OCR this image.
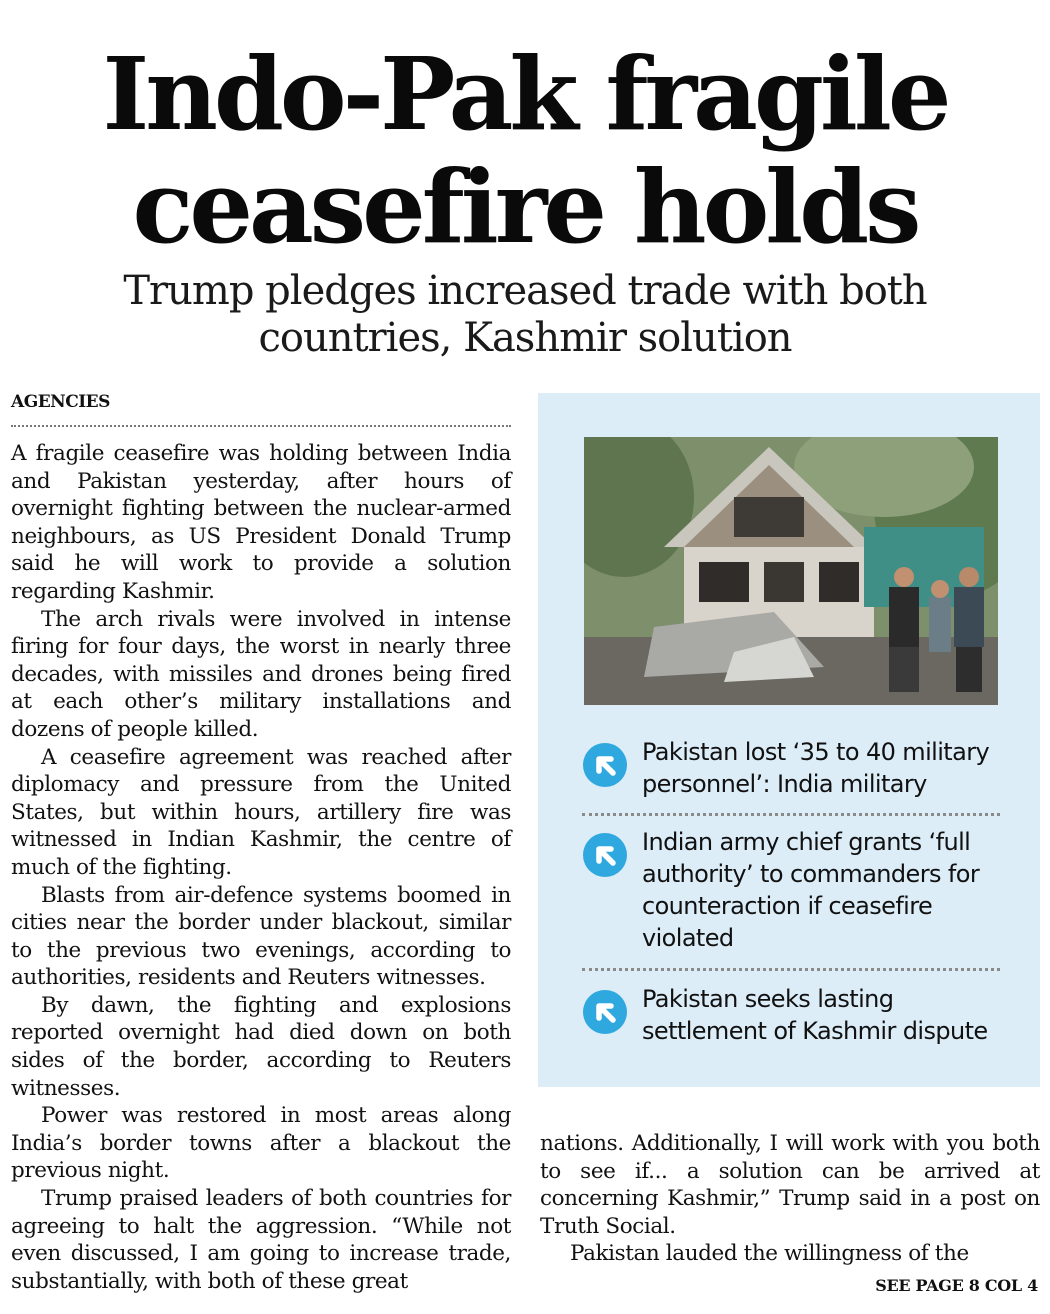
Indo-Pak fragile
ceasefire holds
Trump pledges increased trade with both
countries, Kashmir solution
AGENCIES

A fragile ceasefire was holding between India and Pakistan yesterday, after hours of overnight fighting between the nuclear-armed neighbours, as US President Donald Trump said he will work to provide a solution regarding Kashmir.

The arch rivals were involved in intense firing for four days, the worst in nearly three decades, with missiles and drones being fired at each other’s military installations and dozens of people killed.

A ceasefire agreement was reached after diplomacy and pressure from the United States, but within hours, artillery fire was witnessed in Indian Kashmir, the centre of much of the fighting.

Blasts from air-defence systems boomed in cities near the border under blackout, similar to the previous two evenings, according to authorities, residents and Reuters witnesses.

By dawn, the fighting and explosions reported overnight had died down on both sides of the border, according to Reuters witnesses.

Power was restored in most areas along India’s border towns after a blackout the previous night.

Trump praised leaders of both countries for agreeing to halt the aggression. “While not even discussed, I am going to increase trade, substantially, with both of these great

Pakistan lost ‘35 to 40 military personnel’: India military
Indian army chief grants ‘full authority’ to commanders for counteraction if ceasefire violated
Pakistan seeks lasting settlement of Kashmir dispute

nations. Additionally, I will work with you both to see if... a solution can be arrived at concerning Kashmir,” Trump said in a post on Truth Social.

Pakistan lauded the willingness of the

SEE PAGE 8 COL 4
